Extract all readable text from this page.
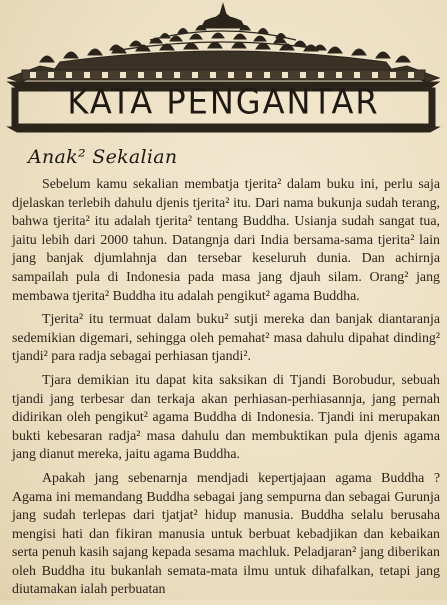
KATA PENGANTAR
Anak² Sekalian

Sebelum kamu sekalian membatja tjerita² dalam buku ini, perlu saja djelaskan terlebih dahulu djenis tjerita² itu. Dari nama bukunja sudah terang, bahwa tjerita² itu adalah tjerita² tentang Buddha. Usianja sudah sangat tua, jaitu lebih dari 2000 tahun. Datangnja dari India bersama-sama tjerita² lain jang banjak djumlahnja dan tersebar keseluruh dunia. Dan achirnja sampailah pula di Indonesia pada masa jang djauh silam. Orang² jang membawa tjerita² Buddha itu adalah pengikut² agama Buddha.

Tjerita² itu termuat dalam buku² sutji mereka dan banjak diantaranja sedemikian digemari, sehingga oleh pemahat² masa dahulu dipahat dinding² tjandi² para radja sebagai perhiasan tjandi².

Tjara demikian itu dapat kita saksikan di Tjandi Borobudur, sebuah tjandi jang terbesar dan terkaja akan perhiasan-perhiasannja, jang pernah didirikan oleh pengikut² agama Buddha di Indonesia. Tjandi ini merupakan bukti kebesaran radja² masa dahulu dan membuktikan pula djenis agama jang dianut mereka, jaitu agama Buddha.

Apakah jang sebenarnja mendjadi kepertjajaan agama Buddha ? Agama ini memandang Buddha sebagai jang sempurna dan sebagai Gurunja jang sudah terlepas dari tjatjat² hidup manusia. Buddha selalu berusaha mengisi hati dan fikiran manusia untuk berbuat kebadjikan dan kebaikan serta penuh kasih sajang kepada sesama machluk. Peladjaran² jang diberikan oleh Buddha itu bukanlah semata-mata ilmu untuk dihafalkan, tetapi jang diutamakan ialah perbuatan
